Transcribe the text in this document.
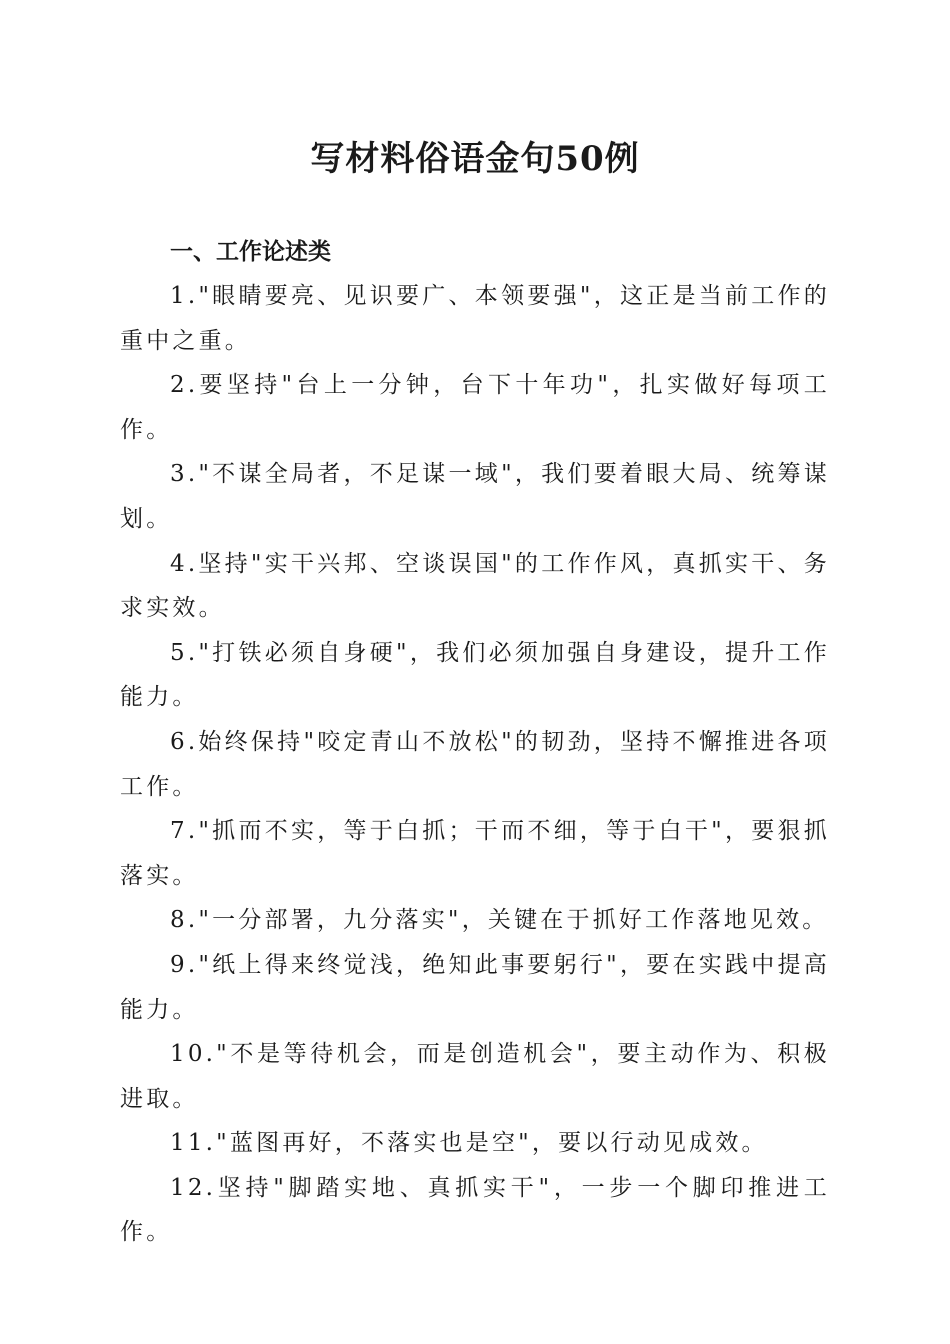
写材料俗语金句50例

一、工作论述类

1."眼睛要亮、见识要广、本领要强"，这正是当前工作的重中之重。

2.要坚持"台上一分钟，台下十年功"，扎实做好每项工作。

3."不谋全局者，不足谋一域"，我们要着眼大局、统筹谋划。

4.坚持"实干兴邦、空谈误国"的工作作风，真抓实干、务求实效。

5."打铁必须自身硬"，我们必须加强自身建设，提升工作能力。

6.始终保持"咬定青山不放松"的韧劲，坚持不懈推进各项工作。

7."抓而不实，等于白抓；干而不细，等于白干"，要狠抓落实。

8."一分部署，九分落实"，关键在于抓好工作落地见效。

9."纸上得来终觉浅，绝知此事要躬行"，要在实践中提高能力。

10."不是等待机会，而是创造机会"，要主动作为、积极进取。

11."蓝图再好，不落实也是空"，要以行动见成效。

12.坚持"脚踏实地、真抓实干"，一步一个脚印推进工作。
